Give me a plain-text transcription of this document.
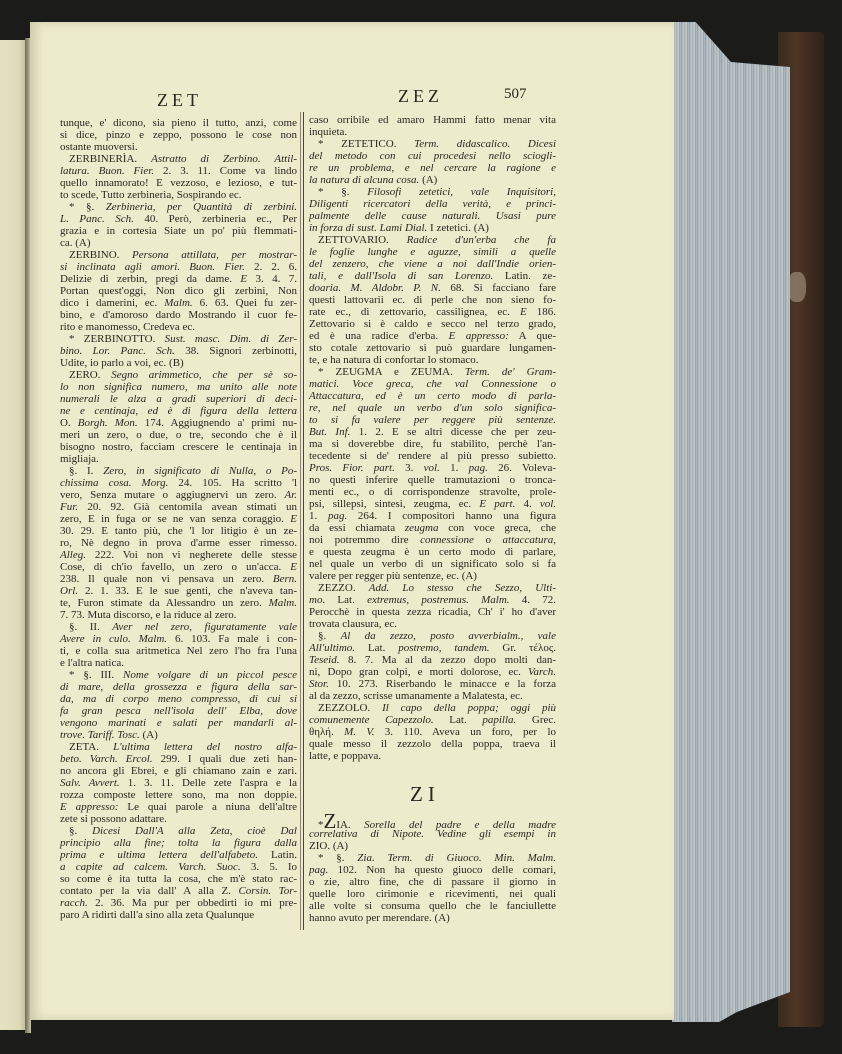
ZET	ZEZ	507
tunque, e' dicono, sia pieno il tutto, anzi, come
si dice, pinzo e zeppo, possono le cose non
ostante muoversi.
ZERBINERÌA. Astratto di Zerbino. Attil-
latura. Buon. Fier. 2. 3. 11. Come va lindo
quello innamorato! E vezzoso, e lezioso, e tut-
to scede, Tutto zerbinerìa, Sospirando ec.
* §. Zerbinerìa, per Quantità di zerbini.
L. Panc. Sch. 40. Però, zerbinerìa ec., Per
grazia e in cortesia Siate un po' più flemmati-
ca. (A)
ZERBINO. Persona attillata, per mostrar-
si inclinata agli amori. Buon. Fier. 2. 2. 6.
Delizie di zerbin, pregi da dame. E 3. 4. 7.
Portan quest'oggi, Non dico gli zerbini, Non
dico i damerini, ec. Malm. 6. 63. Quei fu zer-
bino, e d'amoroso dardo Mostrando il cuor fe-
rito e manomesso, Credeva ec.
* ZERBINOTTO. Sust. masc. Dim. di Zer-
bino. Lor. Panc. Sch. 38. Signori zerbinotti,
Udite, io parlo a voi, ec. (B)
ZERO. Segno arimmetico, che per sè so-
lo non significa numero, ma unito alle note
numerali le alza a gradi superiori di deci-
ne e centinaja, ed è di figura della lettera
O. Borgh. Mon. 174. Aggiugnendo a' primi nu-
meri un zero, o due, o tre, secondo che è il
bisogno nostro, facciam crescere le centinaja in
migliaja.
§. I. Zero, in significato di Nulla, o Po-
chissima cosa. Morg. 24. 105. Ha scritto 'l
vero, Senza mutare o aggiugnervi un zero. Ar.
Fur. 20. 92. Già centomila avean stimati un
zero, E in fuga or se ne van senza coraggio. E
30. 29. E tanto più, che 'l lor litigio è un ze-
ro, Nè degno in prova d'arme esser rimesso.
Alleg. 222. Voi non vi negherete delle stesse
Cose, di ch'io favello, un zero o un'acca. E
238. Il quale non vi pensava un zero. Bern.
Orl. 2. 1. 33. E le sue genti, che n'aveva tan-
te, Furon stimate da Alessandro un zero. Malm.
7. 73. Muta discorso, e la riduce al zero.
§. II. Aver nel zero, figuratamente vale
Avere in culo. Malm. 6. 103. Fa male i con-
ti, e colla sua aritmetica Nel zero l'ho fra l'una
e l'altra natica.
* §. III. Nome volgare di un piccol pesce
di mare, della grossezza e figura della sar-
da, ma di corpo meno compresso, di cui si
fa gran pesca nell'isola dell' Elba, dove
vengono marinati e salati per mandarli al-
trove. Tariff. Tosc. (A)
ZETA. L'ultima lettera del nostro alfa-
beto. Varch. Ercol. 299. I quali due zeti han-
no ancora gli Ebrei, e gli chiamano zain e zari.
Salv. Avvert. 1. 3. 11. Delle zete l'aspra e la
rozza composte lettere sono, ma non doppie.
E appresso: Le quai parole a niuna dell'altre
zete si possono adattare.
§. Dicesi Dall'A alla Zeta, cioè Dal
principio alla fine; tolta la figura dalla
prima e ultima lettera dell'alfabeto. Latin.
a capite ad calcem. Varch. Suoc. 3. 5. Io
so come è ita tutta la cosa, che m'è stato rac-
contato per la via dall' A alla Z. Corsin. Tor-
racch. 2. 36. Ma pur per obbedirti io mi pre-
paro A ridirti dall'a sino alla zeta Qualunque
caso orribile ed amaro Hammi fatto menar vita
inquieta.
* ZETETICO. Term. didascalico. Dicesi
del metodo con cui procedesi nello sciogli-
re un problema, e nel cercare la ragione e
la natura di alcuna cosa. (A)
* §. Filosofi zetetici, vale Inquisitori,
Diligenti ricercatori della verità, e princi-
palmente delle cause naturali. Usasi pure
in forza di sust. Lami Dial. I zetetici. (A)
ZETTOVARIO. Radice d'un'erba che fa
le foglie lunghe e aguzze, simili a quelle
del zenzero, che viene a noi dall'Indie orien-
tali, e dall'Isola di san Lorenzo. Latin. ze-
doaria. M. Aldobr. P. N. 68. Si facciano fare
questi lattovarii ec. di perle che non sieno fo-
rate ec., di zettovario, cassilignea, ec. E 186.
Zettovario si è caldo e secco nel terzo grado,
ed è una radice d'erba. E appresso: A que-
sto cotale zettovario si può guardare lungamen-
te, e ha natura di confortar lo stomaco.
* ZEUGMA e ZEUMA. Term. de' Gram-
matici. Voce greca, che val Connessione o
Attaccatura, ed è un certo modo di parla-
re, nel quale un verbo d'un solo significa-
to si fa valere per reggere più sentenze.
But. Inf. 1. 2. E se altri dicesse che per zeu-
ma si doverebbe dire, fu stabilito, perchè l'an-
tecedente si de' rendere al più presso subietto.
Pros. Fior. part. 3. vol. 1. pag. 26. Voleva-
no questi inferire quelle tramutazioni o tronca-
menti ec., o di corrispondenze stravolte, prole-
psi, sillepsi, sintesi, zeugma, ec. E part. 4. vol.
1. pag. 264. I compositori hanno una figura
da essi chiamata zeugma con voce greca, che
noi potremmo dire connessione o attaccatura,
e questa zeugma è un certo modo di parlare,
nel quale un verbo di un significato solo si fa
valere per regger più sentenze, ec. (A)
ZEZZO. Add. Lo stesso che Sezzo, Ulti-
mo. Lat. extremus, postremus. Malm. 4. 72.
Perocchè in questa zezza ricadia, Ch' i' ho d'aver
trovata clausura, ec.
§. Al da zezzo, posto avverbialm., vale
All'ultimo. Lat. postremo, tandem. Gr. τέλος.
Teseid. 8. 7. Ma al da zezzo dopo molti dan-
ni, Dopo gran colpi, e morti dolorose, ec. Varch.
Stor. 10. 273. Riserbando le minacce e la forza
al da zezzo, scrisse umanamente a Malatesta, ec.
ZEZZOLO. Il capo della poppa; oggi più
comunemente Capezzolo. Lat. papilla. Grec.
θηλή. M. V. 3. 110. Aveva un foro, per lo
quale messo il zezzolo della poppa, traeva il
latte, e poppava.
ZI
*ZIA. Sorella del padre e della madre
correlativa di Nipote. Vedine gli esempi in
ZIO. (A)
* §. Zia. Term. di Giuoco. Min. Malm.
pag. 102. Non ha questo giuoco delle comari,
o zie, altro fine, che di passare il giorno in
quelle loro cirimonie e ricevimenti, nei quali
alle volte si consuma quello che le fanciullette
hanno avuto per merendare. (A)
